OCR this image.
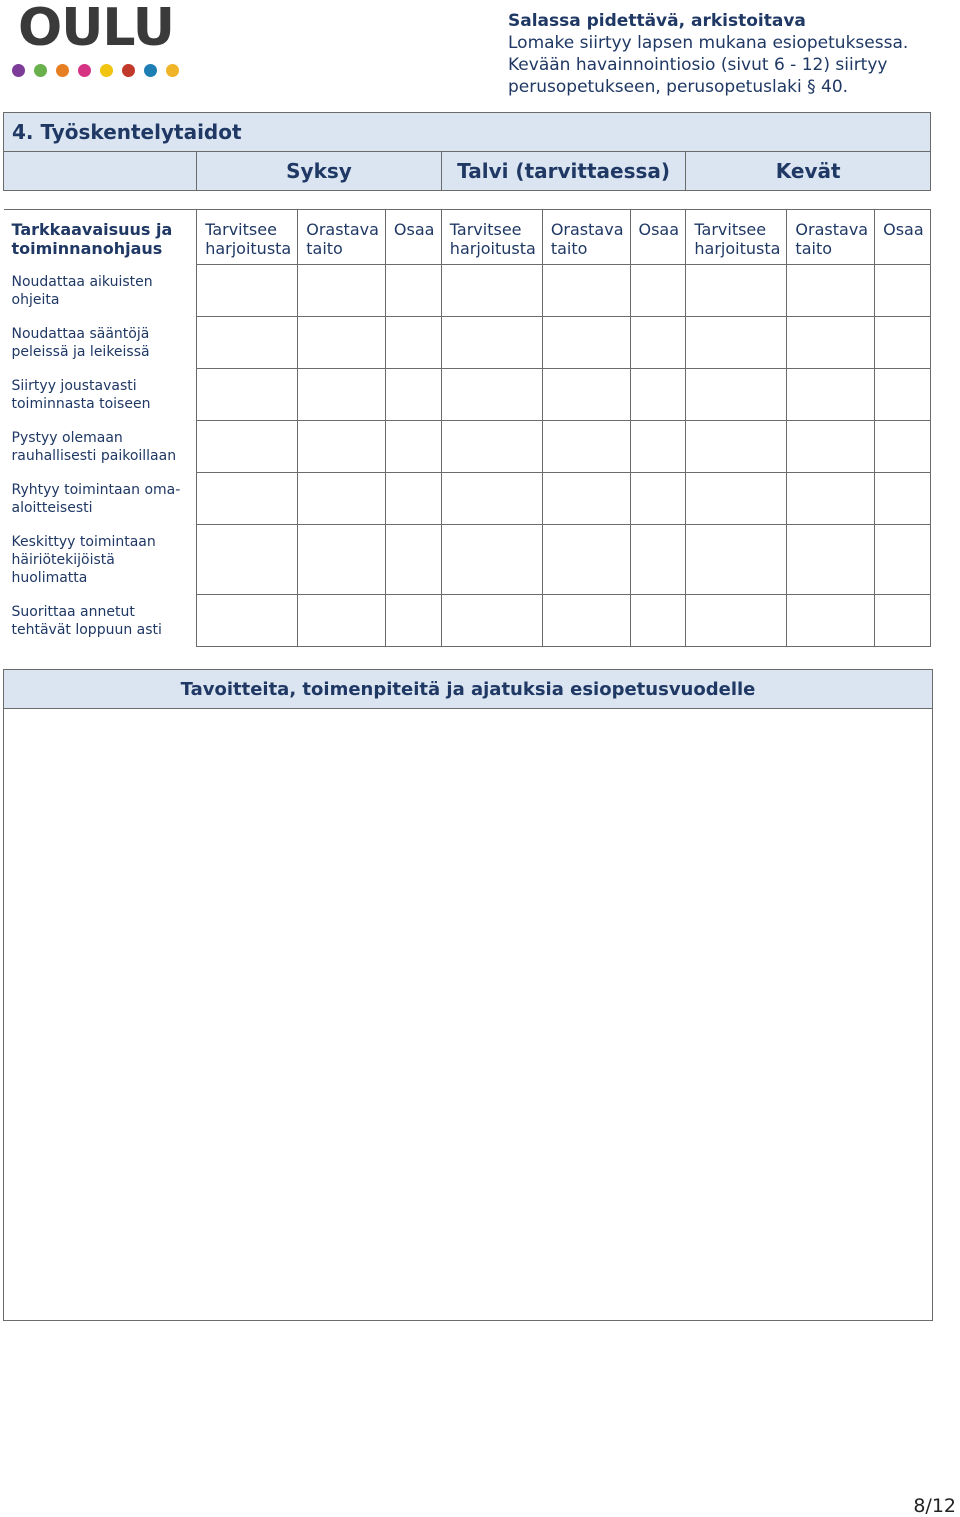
OULU	Salassa pidettävä, arkistoitava
Lomake siirtyy lapsen mukana esiopetuksessa.
Kevään havainnointiosio (sivut 6 - 12) siirtyy perusopetukseen, perusopetuslaki § 40.
4. Työskentelytaidot									
	Syksy			Talvi (tarvittaessa)			Kevät		

Tarkkaavaisuus ja toiminnanohjaus	Tarvitsee harjoitusta	Orastava taito	Osaa	Tarvitsee harjoitusta	Orastava taito	Osaa	Tarvitsee harjoitusta	Orastava taito	Osaa
Noudattaa aikuisten ohjeita									
Noudattaa sääntöjä peleissä ja leikeissä									
Siirtyy joustavasti toiminnasta toiseen									
Pystyy olemaan rauhallisesti paikoillaan									
Ryhtyy toimintaan oma-aloitteisesti									
Keskittyy toimintaan häiriötekijöistä huolimatta									
Suorittaa annetut tehtävät loppuun asti									
Tavoitteita, toimenpiteitä ja ajatuksia esiopetusvuodelle
8/12
